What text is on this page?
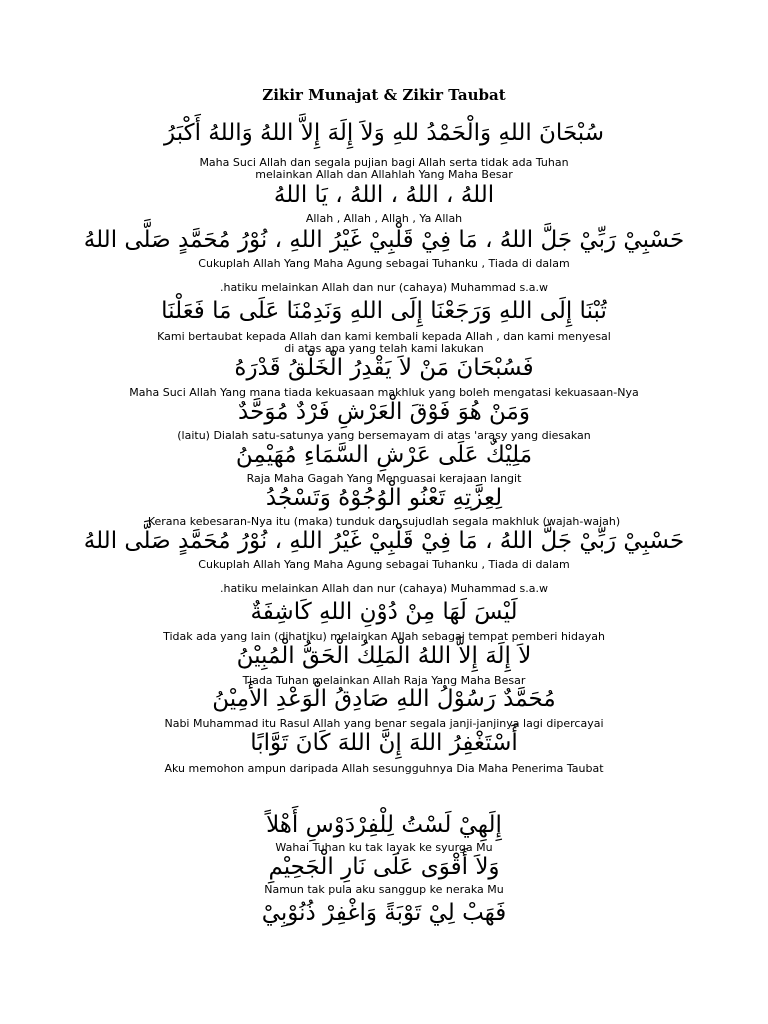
Zikir Munajat & Zikir Taubat
سُبْحَانَ اللهِ وَالْحَمْدُ للهِ وَلاَ إِلَهَ إِلاَّ اللهُ وَاللهُ أَكْبَرُ
Maha Suci Allah dan segala pujian bagi Allah serta tidak ada Tuhan
melainkan Allah dan Allahlah Yang Maha Besar
اللهُ ، اللهُ ، اللهُ ، يَا اللهُ
Allah , Allah , Allah , Ya Allah
حَسْبِيْ رَبِّيْ جَلَّ اللهُ ، مَا فِيْ قَلْبِيْ غَيْرُ اللهِ ، نُوْرُ مُحَمَّدٍ صَلَّى اللهُ
Cukuplah Allah Yang Maha Agung sebagai Tuhanku , Tiada di dalam

.hatiku melainkan Allah dan nur (cahaya) Muhammad s.a.w
تُبْنَا إِلَى اللهِ وَرَجَعْنَا إِلَى اللهِ وَنَدِمْنَا عَلَى مَا فَعَلْنَا
Kami bertaubat kepada Allah dan kami kembali kepada Allah , dan kami menyesal
di atas apa yang telah kami lakukan
فَسُبْحَانَ مَنْ لاَ يَقْدِرُ الْخَلْقُ قَدْرَهُ
Maha Suci Allah Yang mana tiada kekuasaan makhluk yang boleh mengatasi kekuasaan-Nya
وَمَنْ هُوَ فَوْقَ الْعَرْشِ فَرْدٌ مُوَحَّدٌ
(laitu) Dialah satu-satunya yang bersemayam di atas 'arasy yang diesakan
مَلِيْكٌ عَلَى عَرْشِ السَّمَاءِ مُهَيْمِنُ
Raja Maha Gagah Yang Menguasai kerajaan langit
لِعِزَّتِهِ تَعْنُو الْوُجُوْهُ وَتَسْجُدُ
Kerana kebesaran-Nya itu (maka) tunduk dan sujudlah segala makhluk (wajah-wajah)
حَسْبِيْ رَبِّيْ جَلَّ اللهُ ، مَا فِيْ قَلْبِيْ غَيْرُ اللهِ ، نُوْرُ مُحَمَّدٍ صَلَّى اللهُ
Cukuplah Allah Yang Maha Agung sebagai Tuhanku , Tiada di dalam

.hatiku melainkan Allah dan nur (cahaya) Muhammad s.a.w
لَيْسَ لَهَا مِنْ دُوْنِ اللهِ كَاشِفَةٌ
Tidak ada yang lain (dihatiku) melainkan Allah sebagai tempat pemberi hidayah
لاَ إِلَهَ إِلاَّ اللهُ الْمَلِكُ الْحَقُّ الْمُبِيْنُ
Tiada Tuhan melainkan Allah Raja Yang Maha Besar
مُحَمَّدٌ رَسُوْلُ اللهِ صَادِقُ الْوَعْدِ الأَمِيْنُ
Nabi Muhammad itu Rasul Allah yang benar segala janji-janjinya lagi dipercayai
أَسْتَغْفِرُ اللهَ إِنَّ اللهَ كَانَ تَوَّابًا
Aku memohon ampun daripada Allah sesungguhnya Dia Maha Penerima Taubat
إِلَهِيْ لَسْتُ لِلْفِرْدَوْسِ أَهْلاً
Wahai Tuhan ku tak layak ke syurga Mu
وَلاَ أَقْوَى عَلَى نَارِ الْجَحِيْمِ
Namun tak pula aku sanggup ke neraka Mu
فَهَبْ لِيْ تَوْبَةً وَاغْفِرْ ذُنُوْبِيْ
